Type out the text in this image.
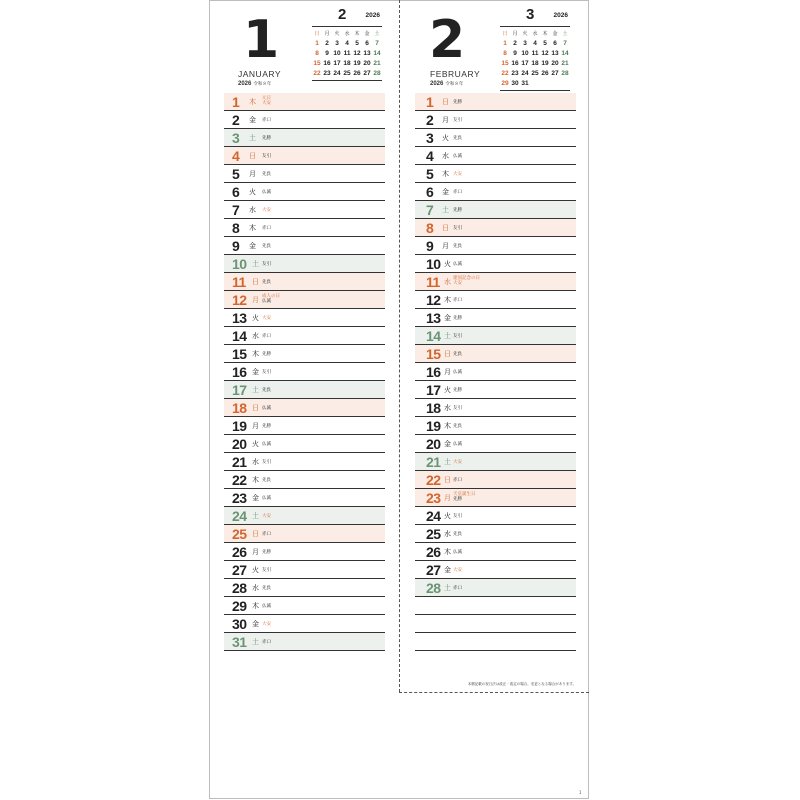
1
JANUARY
2026 令和８年
2	2026
日 月 火 水 木 金 土
1 2 3 4 5 6 7
8 9 10 11 12 13 14
15 16 17 18 19 20 21
22 23 24 25 26 27 28
1 木 元日
大安
2 金 赤口
3 土 先勝
4 日 友引
5 月 先負
6 火 仏滅
7 水 大安
8 木 赤口
9 金 先負
10 土 友引
11 日 先負
12 月 成人の日
仏滅
13 火 大安
14 水 赤口
15 木 先勝
16 金 友引
17 土 先負
18 日 仏滅
19 月 先勝
20 火 仏滅
21 水 友引
22 木 先負
23 金 仏滅
24 土 大安
25 日 赤口
26 月 先勝
27 火 友引
28 水 先負
29 木 仏滅
30 金 大安
31 土 赤口
2
FEBRUARY
2026 令和８年
3	2026
日 月 火 水 木 金 土
1 2 3 4 5 6 7
8 9 10 11 12 13 14
15 16 17 18 19 20 21
22 23 24 25 26 27 28
29 30 31
1 日 先勝
2 月 友引
3 火 先負
4 水 仏滅
5 木 大安
6 金 赤口
7 土 先勝
8 日 友引
9 月 先負
10 火 仏滅
11 水 建国記念の日
大安
12 木 赤口
13 金 先勝
14 土 友引
15 日 先負
16 月 仏滅
17 火 先勝
18 水 友引
19 木 先負
20 金 仏滅
21 土 大安
22 日 赤口
23 月 天皇誕生日
先勝
24 火 友引
25 水 先負
26 木 仏滅
27 金 大安
28 土 赤口
本暦記載の祝日法は改正・改定の場合、変更となる場合があります。
1
